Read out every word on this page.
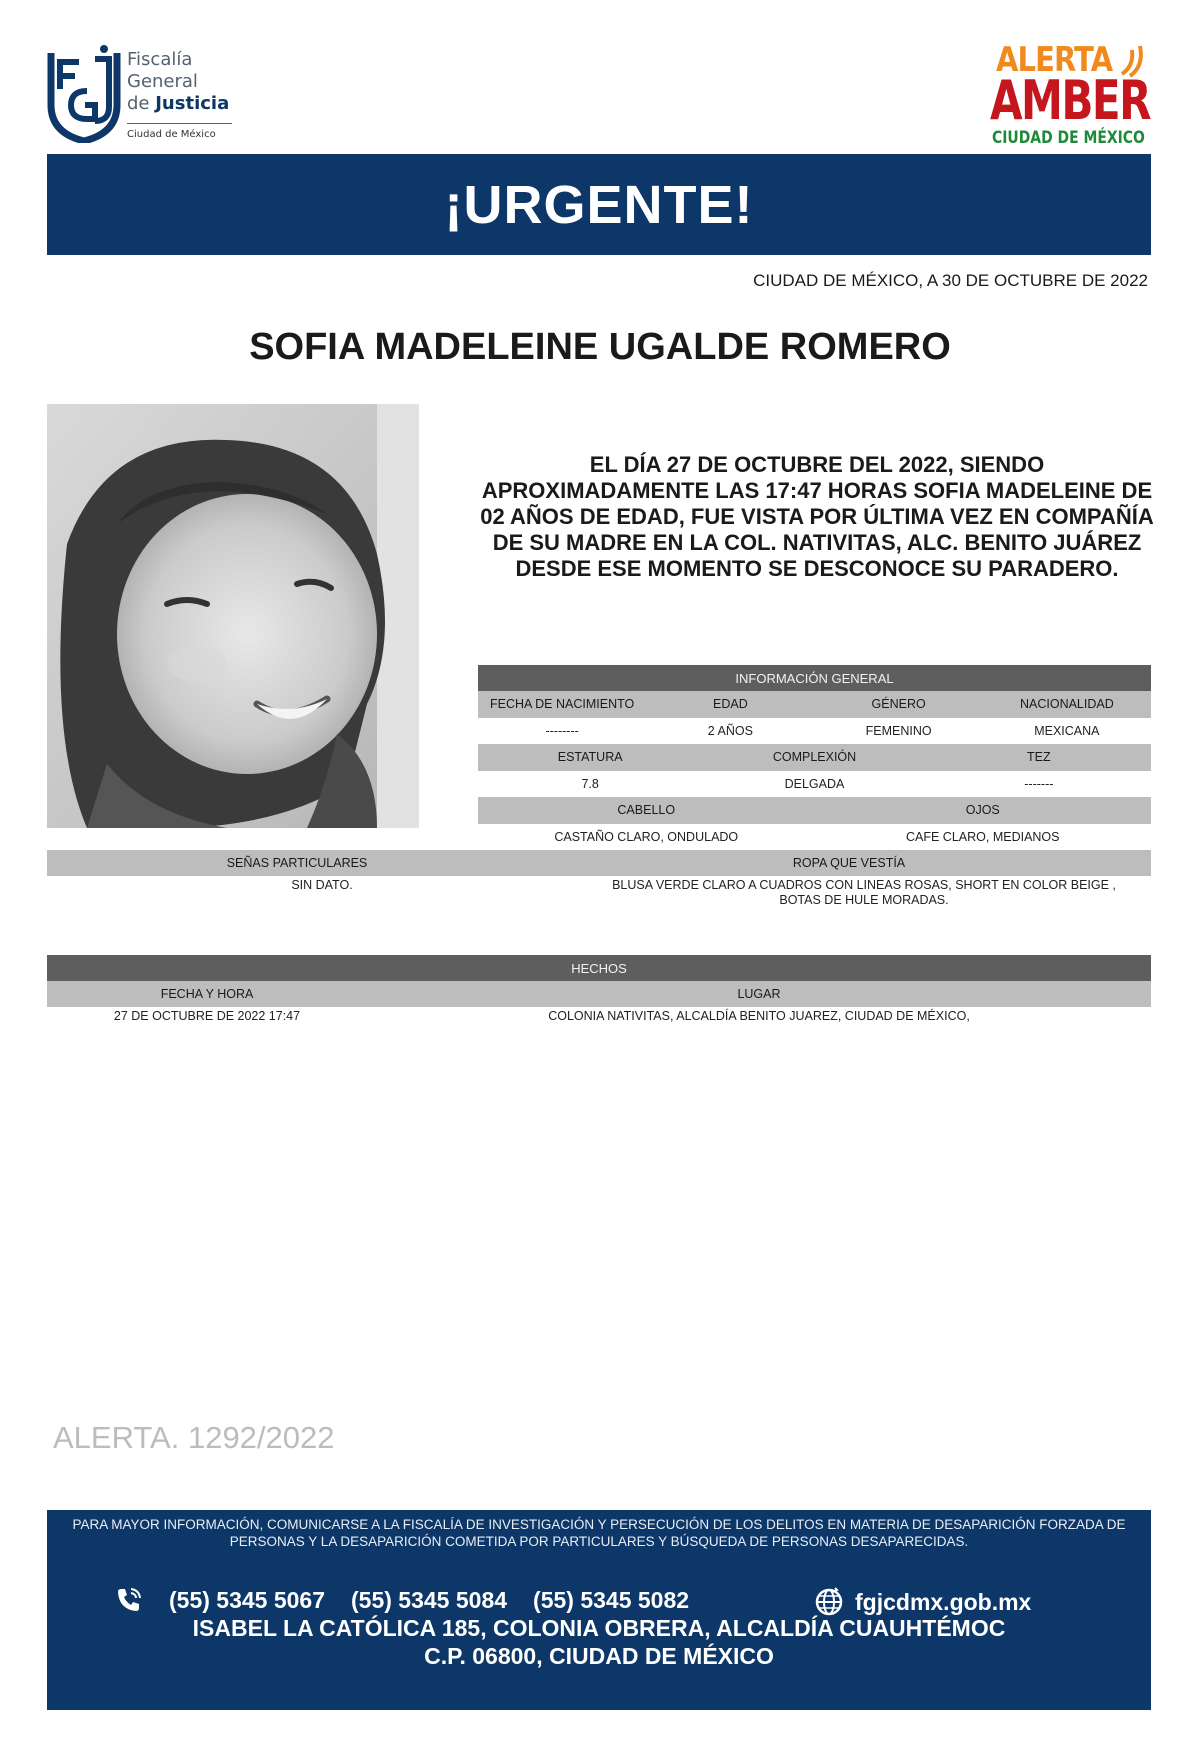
Fiscalía
General
de Justicia
Ciudad de México
ALERTA
AMBER
CIUDAD DE MÉXICO
¡URGENTE!
CIUDAD DE MÉXICO, A 30 DE OCTUBRE DE 2022
SOFIA MADELEINE UGALDE ROMERO
EL DÍA 27 DE OCTUBRE DEL 2022, SIENDO APROXIMADAMENTE LAS 17:47 HORAS SOFIA MADELEINE DE 02 AÑOS DE EDAD, FUE VISTA POR ÚLTIMA VEZ EN COMPAÑÍA DE SU MADRE EN LA COL. NATIVITAS, ALC. BENITO JUÁREZ DESDE ESE MOMENTO SE DESCONOCE SU PARADERO.
INFORMACIÓN GENERAL
FECHA DE NACIMIENTO	EDAD	GÉNERO	NACIONALIDAD
--------	2 AÑOS	FEMENINO	MEXICANA
ESTATURA	COMPLEXIÓN	TEZ
7.8	DELGADA	-------
CABELLO	OJOS
CASTAÑO CLARO, ONDULADO	CAFE CLARO, MEDIANOS
SEÑAS PARTICULARES	ROPA QUE VESTÍA
SIN DATO.	BLUSA VERDE CLARO A CUADROS CON LINEAS ROSAS, SHORT EN COLOR BEIGE , BOTAS DE HULE MORADAS.
HECHOS
FECHA Y HORA	LUGAR
27 DE OCTUBRE DE 2022 17:47	COLONIA NATIVITAS, ALCALDÍA BENITO JUAREZ, CIUDAD DE MÉXICO,
ALERTA. 1292/2022
PARA MAYOR INFORMACIÓN, COMUNICARSE A LA FISCALÍA DE INVESTIGACIÓN Y PERSECUCIÓN DE LOS DELITOS EN MATERIA DE DESAPARICIÓN FORZADA DE PERSONAS Y LA DESAPARICIÓN COMETIDA POR PARTICULARES Y BÚSQUEDA DE PERSONAS DESAPARECIDAS.
(55) 5345 5067 (55) 5345 5084 (55) 5345 5082	fgjcdmx.gob.mx
ISABEL LA CATÓLICA 185, COLONIA OBRERA, ALCALDÍA CUAUHTÉMOC
C.P. 06800, CIUDAD DE MÉXICO
